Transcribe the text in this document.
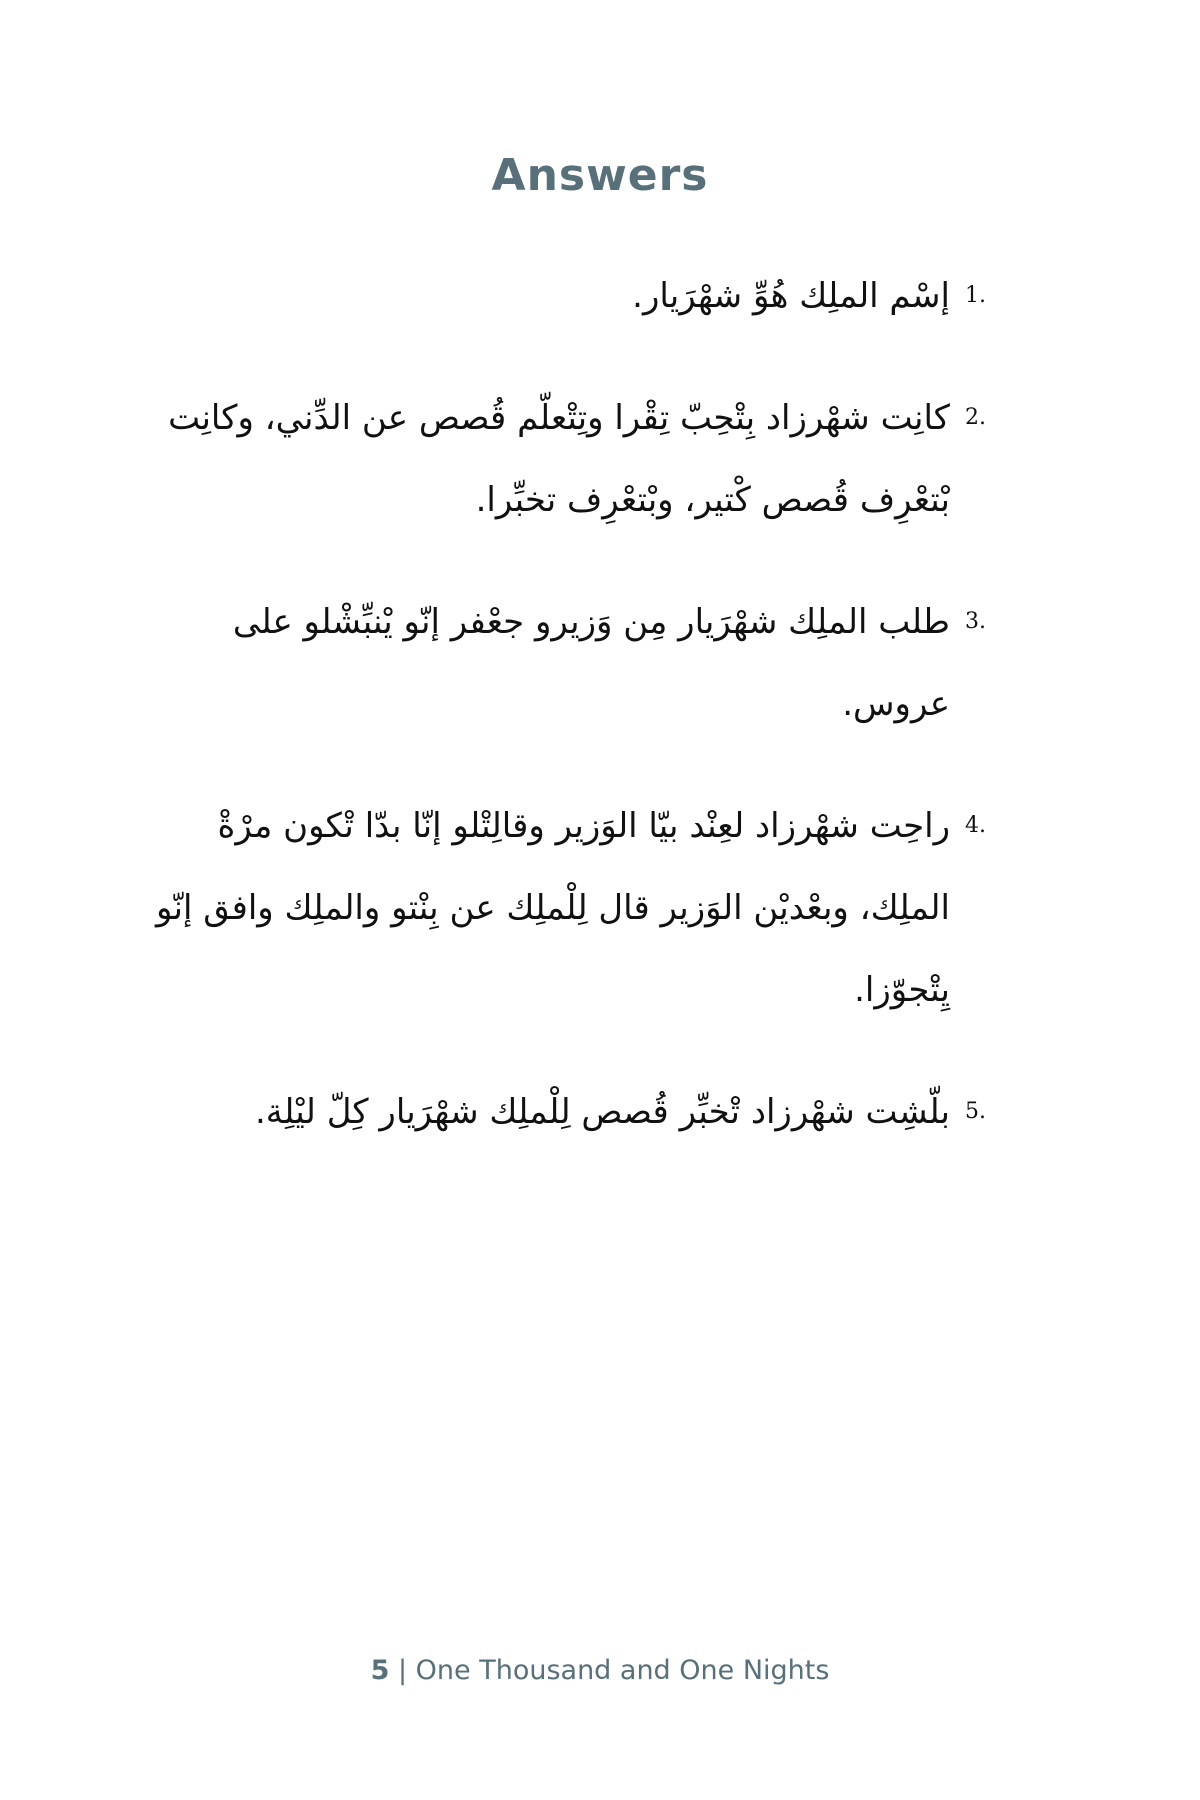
Answers
1.
إسْم الملِك هُوِّ شهْرَيار.
2.
كانِت شهْرزاد بِتْحِبّ تِقْرا وتِتْعلّم قُصص عن الدِّني، وكانِت بْتعْرِف قُصص كْتير، وبْتعْرِف تخبِّرا.
3.
طلب الملِك شهْرَيار مِن وَزيرو جعْفر إنّو يْنبِّشْلو على عروس.
4.
راحِت شهْرزاد لعِنْد بيّا الوَزير وقالِتْلو إنّا بدّا تْكون مرْةْ الملِك، وبعْديْن الوَزير قال لِلْملِك عن بِنْتو والملِك وافق إنّو يِتْجوّزا.
5.
بلّشِت شهْرزاد تْخبِّر قُصص لِلْملِك شهْرَيار كِلّ ليْلِة.
5 | One Thousand and One Nights
